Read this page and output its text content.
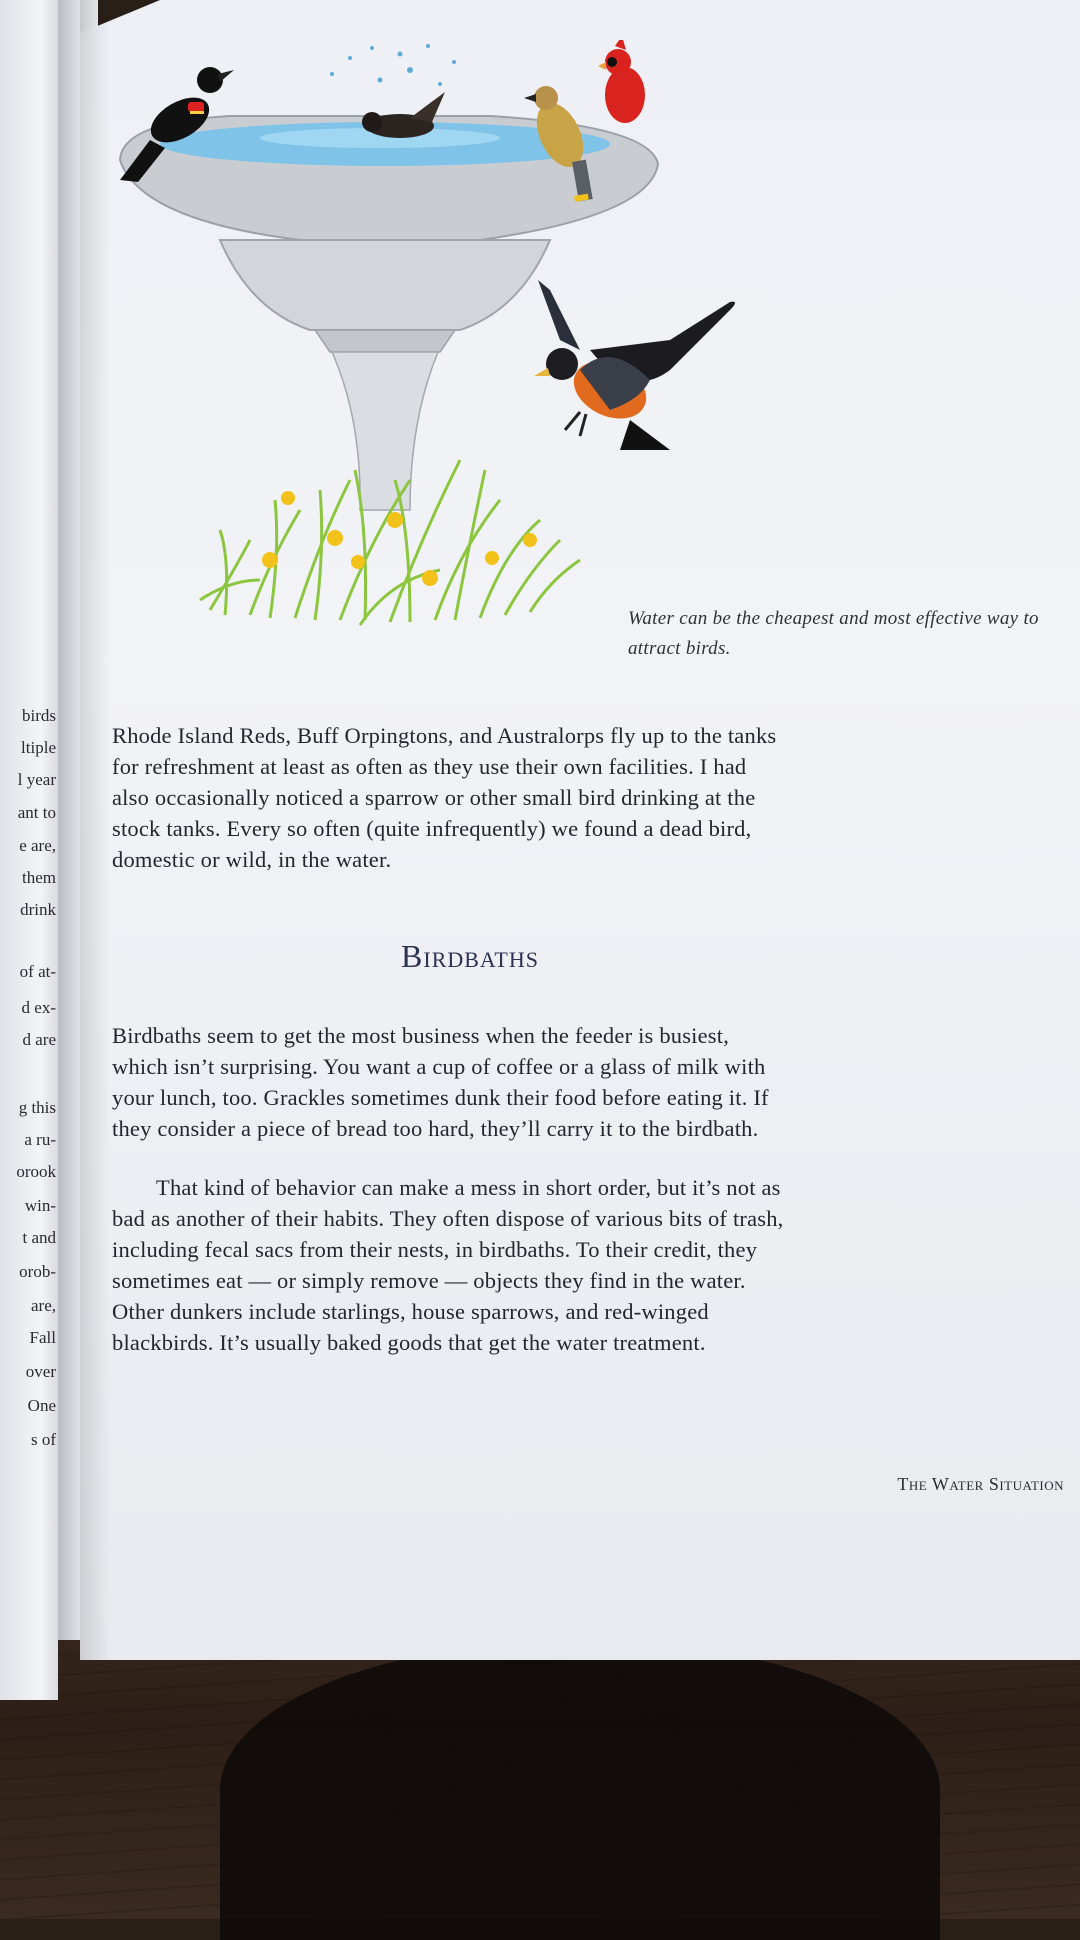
birds
ltiple
l year
ant to
e are,
them
drink
of at-
d ex-
d are
g this
a ru-
orook
win-
t and
orob-
are,
Fall
over
One
s of
Water can be the cheapest and most effective way to attract birds.

Rhode Island Reds, Buff Orpingtons, and Australorps fly up to the tanks for refreshment at least as often as they use their own facilities. I had also occasionally noticed a sparrow or other small bird drinking at the stock tanks. Every so often (quite infrequently) we found a dead bird, domestic or wild, in the water.

Birdbaths

Birdbaths seem to get the most business when the feeder is busiest, which isn’t surprising. You want a cup of coffee or a glass of milk with your lunch, too. Grackles sometimes dunk their food before eating it. If they consider a piece of bread too hard, they’ll carry it to the birdbath.

That kind of behavior can make a mess in short order, but it’s not as bad as another of their habits. They often dispose of various bits of trash, including fecal sacs from their nests, in birdbaths. To their credit, they sometimes eat — or simply remove — objects they find in the water. Other dunkers include starlings, house sparrows, and red-winged blackbirds. It’s usually baked goods that get the water treatment.

The Water Situation
